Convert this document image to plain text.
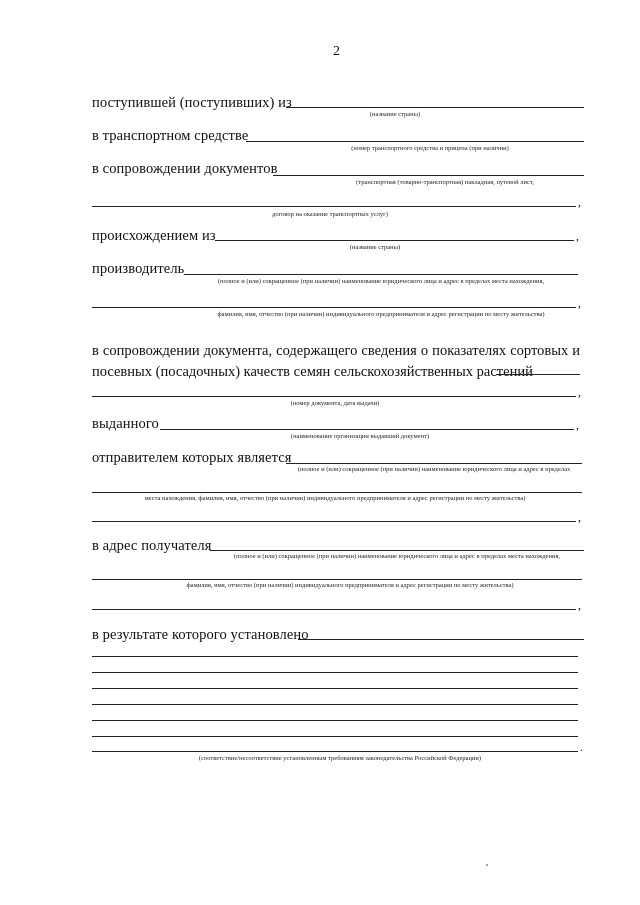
2
поступившей (поступивших) из
(название страны)
в транспортном средстве
(номер транспортного средства и прицепа (при наличии)
в сопровождении документов
(транспортная (товарно-транспортная) накладная, путевой лист,
,
договор на оказание транспортных услуг)
происхождением из	,
(название страны)
производитель
(полное и (или) сокращенное (при наличии) наименование юридического лица и адрес в пределах места нахождения,
,
фамилия, имя, отчество (при наличии) индивидуального предпринимателя и адрес регистрации по месту жительства)
в сопровождении документа, содержащего сведения о показателях сортовых и посевных (посадочных) качеств семян сельскохозяйственных растений
,
(номер документа, дата выдачи)
выданного	,
(наименование организации выдавший документ)
отправителем которых является
(полное и (или) сокращенное (при наличии) наименование юридического лица и адрес в пределах
места нахождения, фамилия, имя, отчество (при наличии) индивидуального предпринимателя и адрес регистрации по месту жительства)
,
в адрес получателя
(полное и (или) сокращенное (при наличии) наименование юридического лица и адрес в пределах места нахождения,
фамилия, имя, отчество (при наличии) индивидуального предпринимателя и адрес регистрации по месту жительства)
,
в результате которого установлено
.
(соответствие/несоответствие установленным требованиям законодательства Российской Федерации)
